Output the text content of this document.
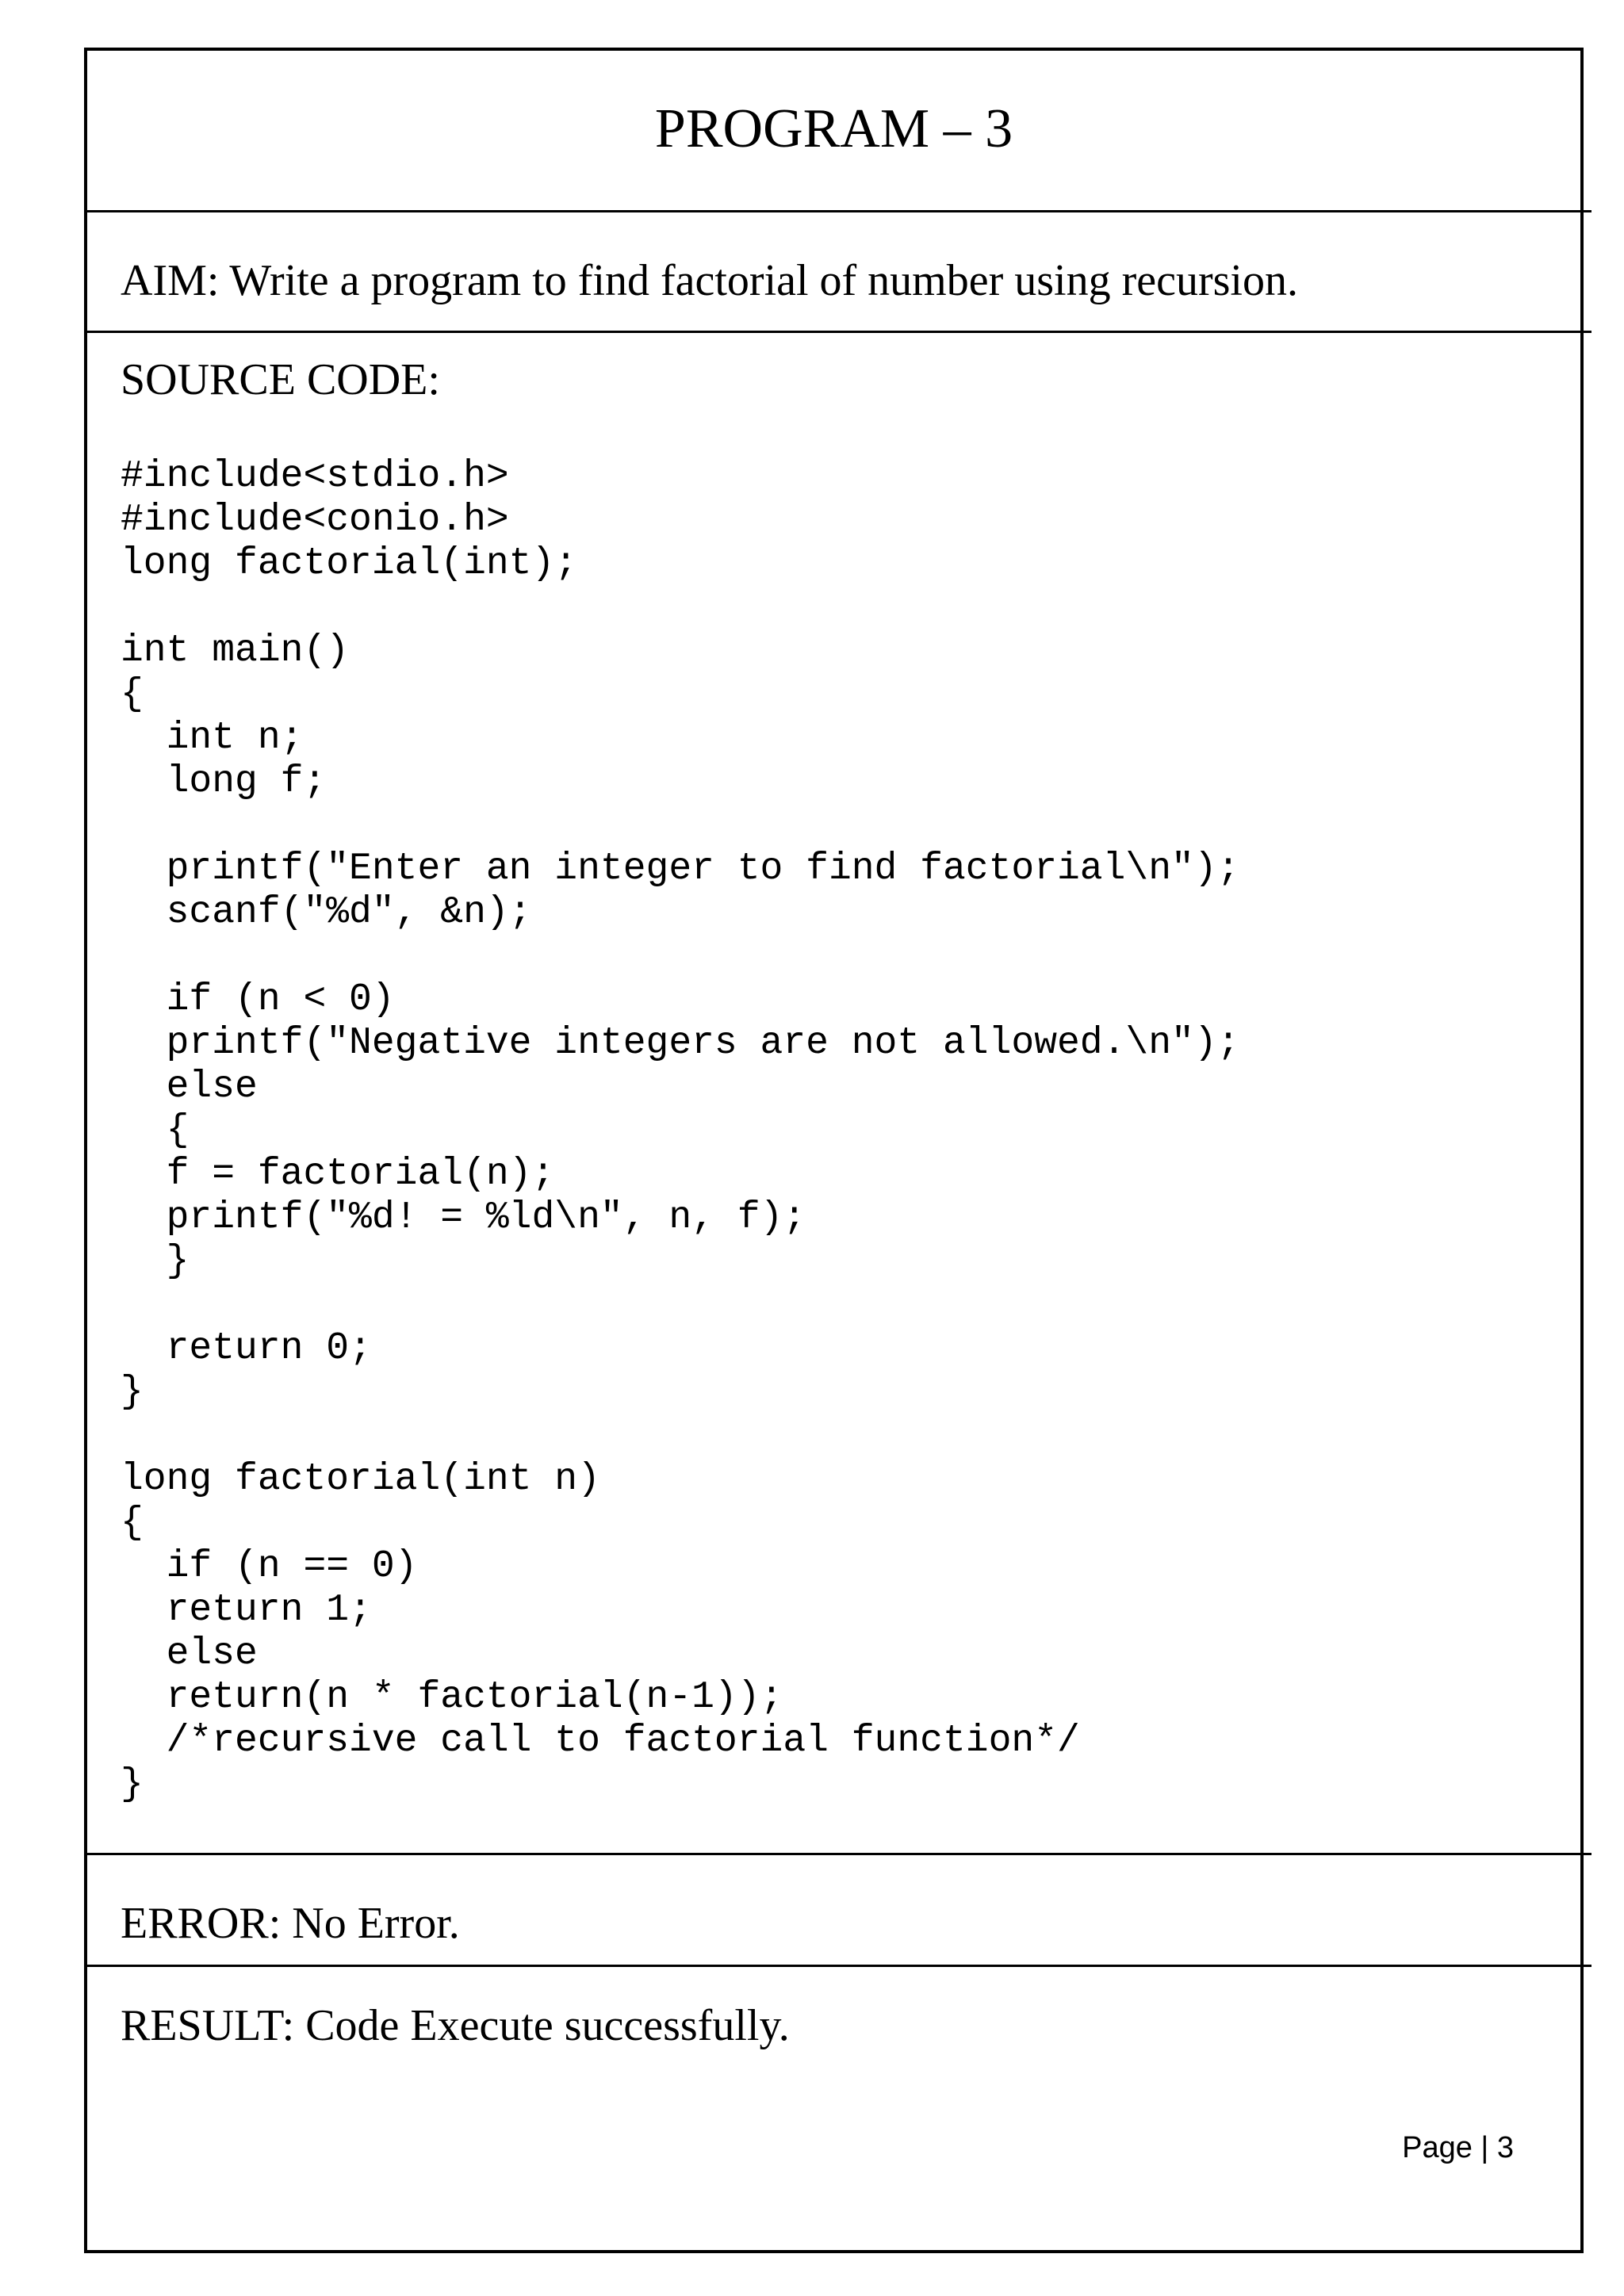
PROGRAM – 3
AIM: Write a program to find factorial of number using recursion.
SOURCE CODE:
#include<stdio.h>
#include<conio.h>
long factorial(int);
int main()
{
int n;
long f;
printf("Enter an integer to find factorial\n");
scanf("%d", &n);
if (n < 0)
printf("Negative integers are not allowed.\n");
else
{
f = factorial(n);
printf("%d! = %ld\n", n, f);
}
return 0;
}
long factorial(int n)
{
if (n == 0)
return 1;
else
return(n * factorial(n-1));
/*recursive call to factorial function*/
}
ERROR: No Error.
RESULT: Code Execute successfully.
Page | 3
